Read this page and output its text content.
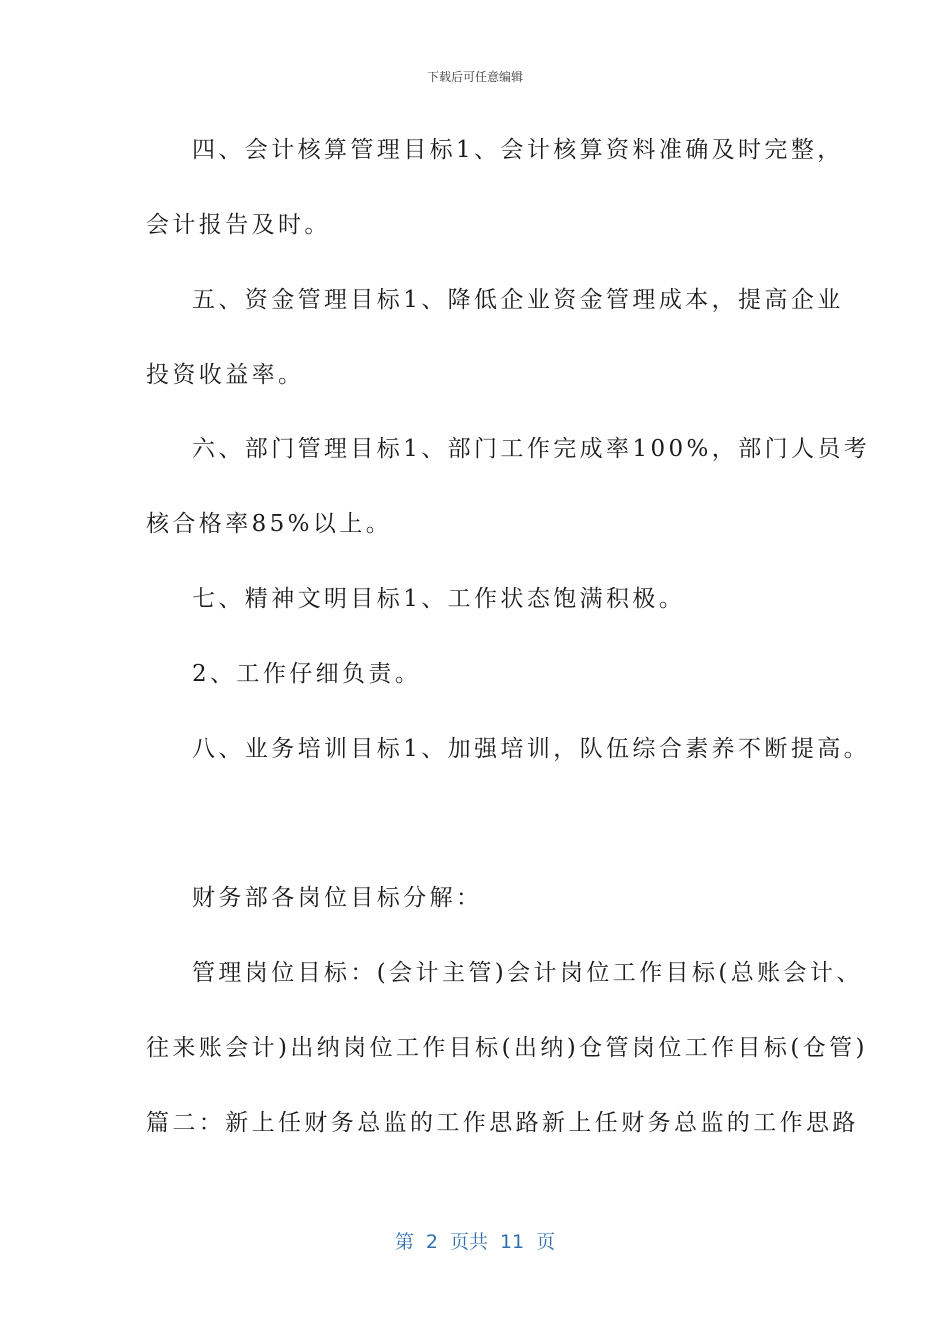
下载后可任意编辑
四、会计核算管理目标1、会计核算资料准确及时完整，
会计报告及时。
五、资金管理目标1、降低企业资金管理成本，提高企业
投资收益率。
六、部门管理目标1、部门工作完成率100%，部门人员考
核合格率85%以上。
七、精神文明目标1、工作状态饱满积极。
2、工作仔细负责。
八、业务培训目标1、加强培训，队伍综合素养不断提高。
财务部各岗位目标分解：
管理岗位目标：(会计主管)会计岗位工作目标(总账会计、
往来账会计)出纳岗位工作目标(出纳)仓管岗位工作目标(仓管)
篇二：新上任财务总监的工作思路新上任财务总监的工作思路
第 2 页共 11 页
